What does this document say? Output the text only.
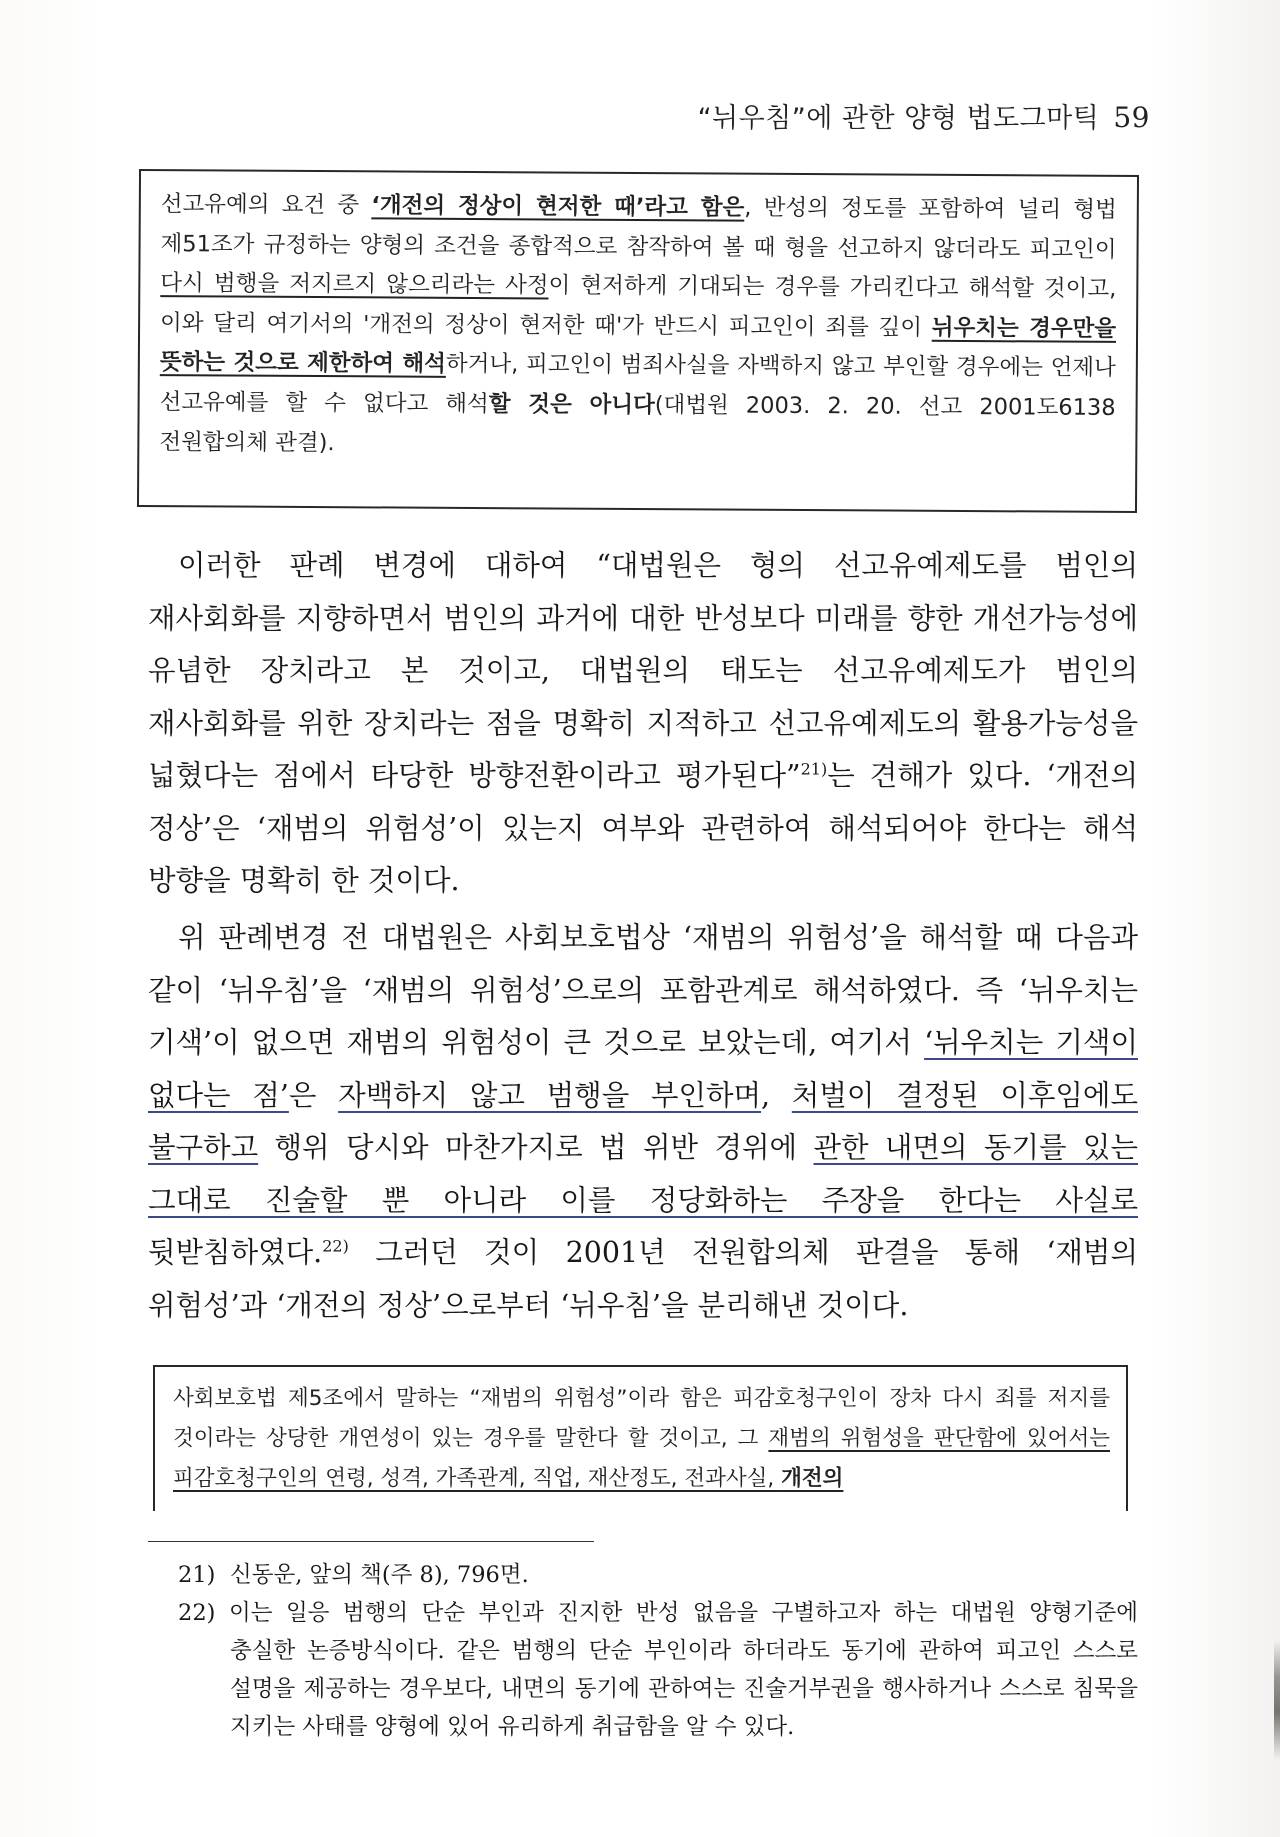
“뉘우침”에 관한 양형 법도그마틱 59

선고유예의 요건 중 ‘개전의 정상이 현저한 때’라고 함은, 반성의 정도를 포함하여 널리 형법 제51조가 규정하는 양형의 조건을 종합적으로 참작하여 볼 때 형을 선고하지 않더라도 피고인이 다시 범행을 저지르지 않으리라는 사정이 현저하게 기대되는 경우를 가리킨다고 해석할 것이고, 이와 달리 여기서의 '개전의 정상이 현저한 때'가 반드시 피고인이 죄를 깊이 뉘우치는 경우만을 뜻하는 것으로 제한하여 해석하거나, 피고인이 범죄사실을 자백하지 않고 부인할 경우에는 언제나 선고유예를 할 수 없다고 해석할 것은 아니다(대법원 2003. 2. 20. 선고 2001도6138 전원합의체 관결).

이러한 판례 변경에 대하여 “대법원은 형의 선고유예제도를 범인의 재사회화를 지향하면서 범인의 과거에 대한 반성보다 미래를 향한 개선가능성에 유념한 장치라고 본 것이고, 대법원의 태도는 선고유예제도가 범인의 재사회화를 위한 장치라는 점을 명확히 지적하고 선고유예제도의 활용가능성을 넓혔다는 점에서 타당한 방향전환이라고 평가된다”$^{21)}$는 견해가 있다. ‘개전의 정상’은 ‘재범의 위험성’이 있는지 여부와 관련하여 해석되어야 한다는 해석 방향을 명확히 한 것이다.

위 판례변경 전 대법원은 사회보호법상 ‘재범의 위험성’을 해석할 때 다음과 같이 ‘뉘우침’을 ‘재범의 위험성’으로의 포함관계로 해석하였다. 즉 ‘뉘우치는 기색’이 없으면 재범의 위험성이 큰 것으로 보았는데, 여기서 ‘뉘우치는 기색이 없다는 점’은 자백하지 않고 범행을 부인하며, 처벌이 결정된 이후임에도 불구하고 행위 당시와 마찬가지로 법 위반 경위에 관한 내면의 동기를 있는 그대로 진술할 뿐 아니라 이를 정당화하는 주장을 한다는 사실로 뒷받침하였다.$^{22)}$ 그러던 것이 2001년 전원합의체 판결을 통해 ‘재범의 위험성’과 ‘개전의 정상’으로부터 ‘뉘우침’을 분리해낸 것이다.

사회보호법 제5조에서 말하는 “재범의 위험성”이라 함은 피감호청구인이 장차 다시 죄를 저지를 것이라는 상당한 개연성이 있는 경우를 말한다 할 것이고, 그 재범의 위험성을 판단함에 있어서는 피감호청구인의 연령, 성격, 가족관계, 직업, 재산정도, 전과사실, 개전의

21) 신동운, 앞의 책(주 8), 796면.
22) 이는 일응 범행의 단순 부인과 진지한 반성 없음을 구별하고자 하는 대법원 양형기준에 충실한 논증방식이다. 같은 범행의 단순 부인이라 하더라도 동기에 관하여 피고인 스스로 설명을 제공하는 경우보다, 내면의 동기에 관하여는 진술거부권을 행사하거나 스스로 침묵을 지키는 사태를 양형에 있어 유리하게 취급함을 알 수 있다.
